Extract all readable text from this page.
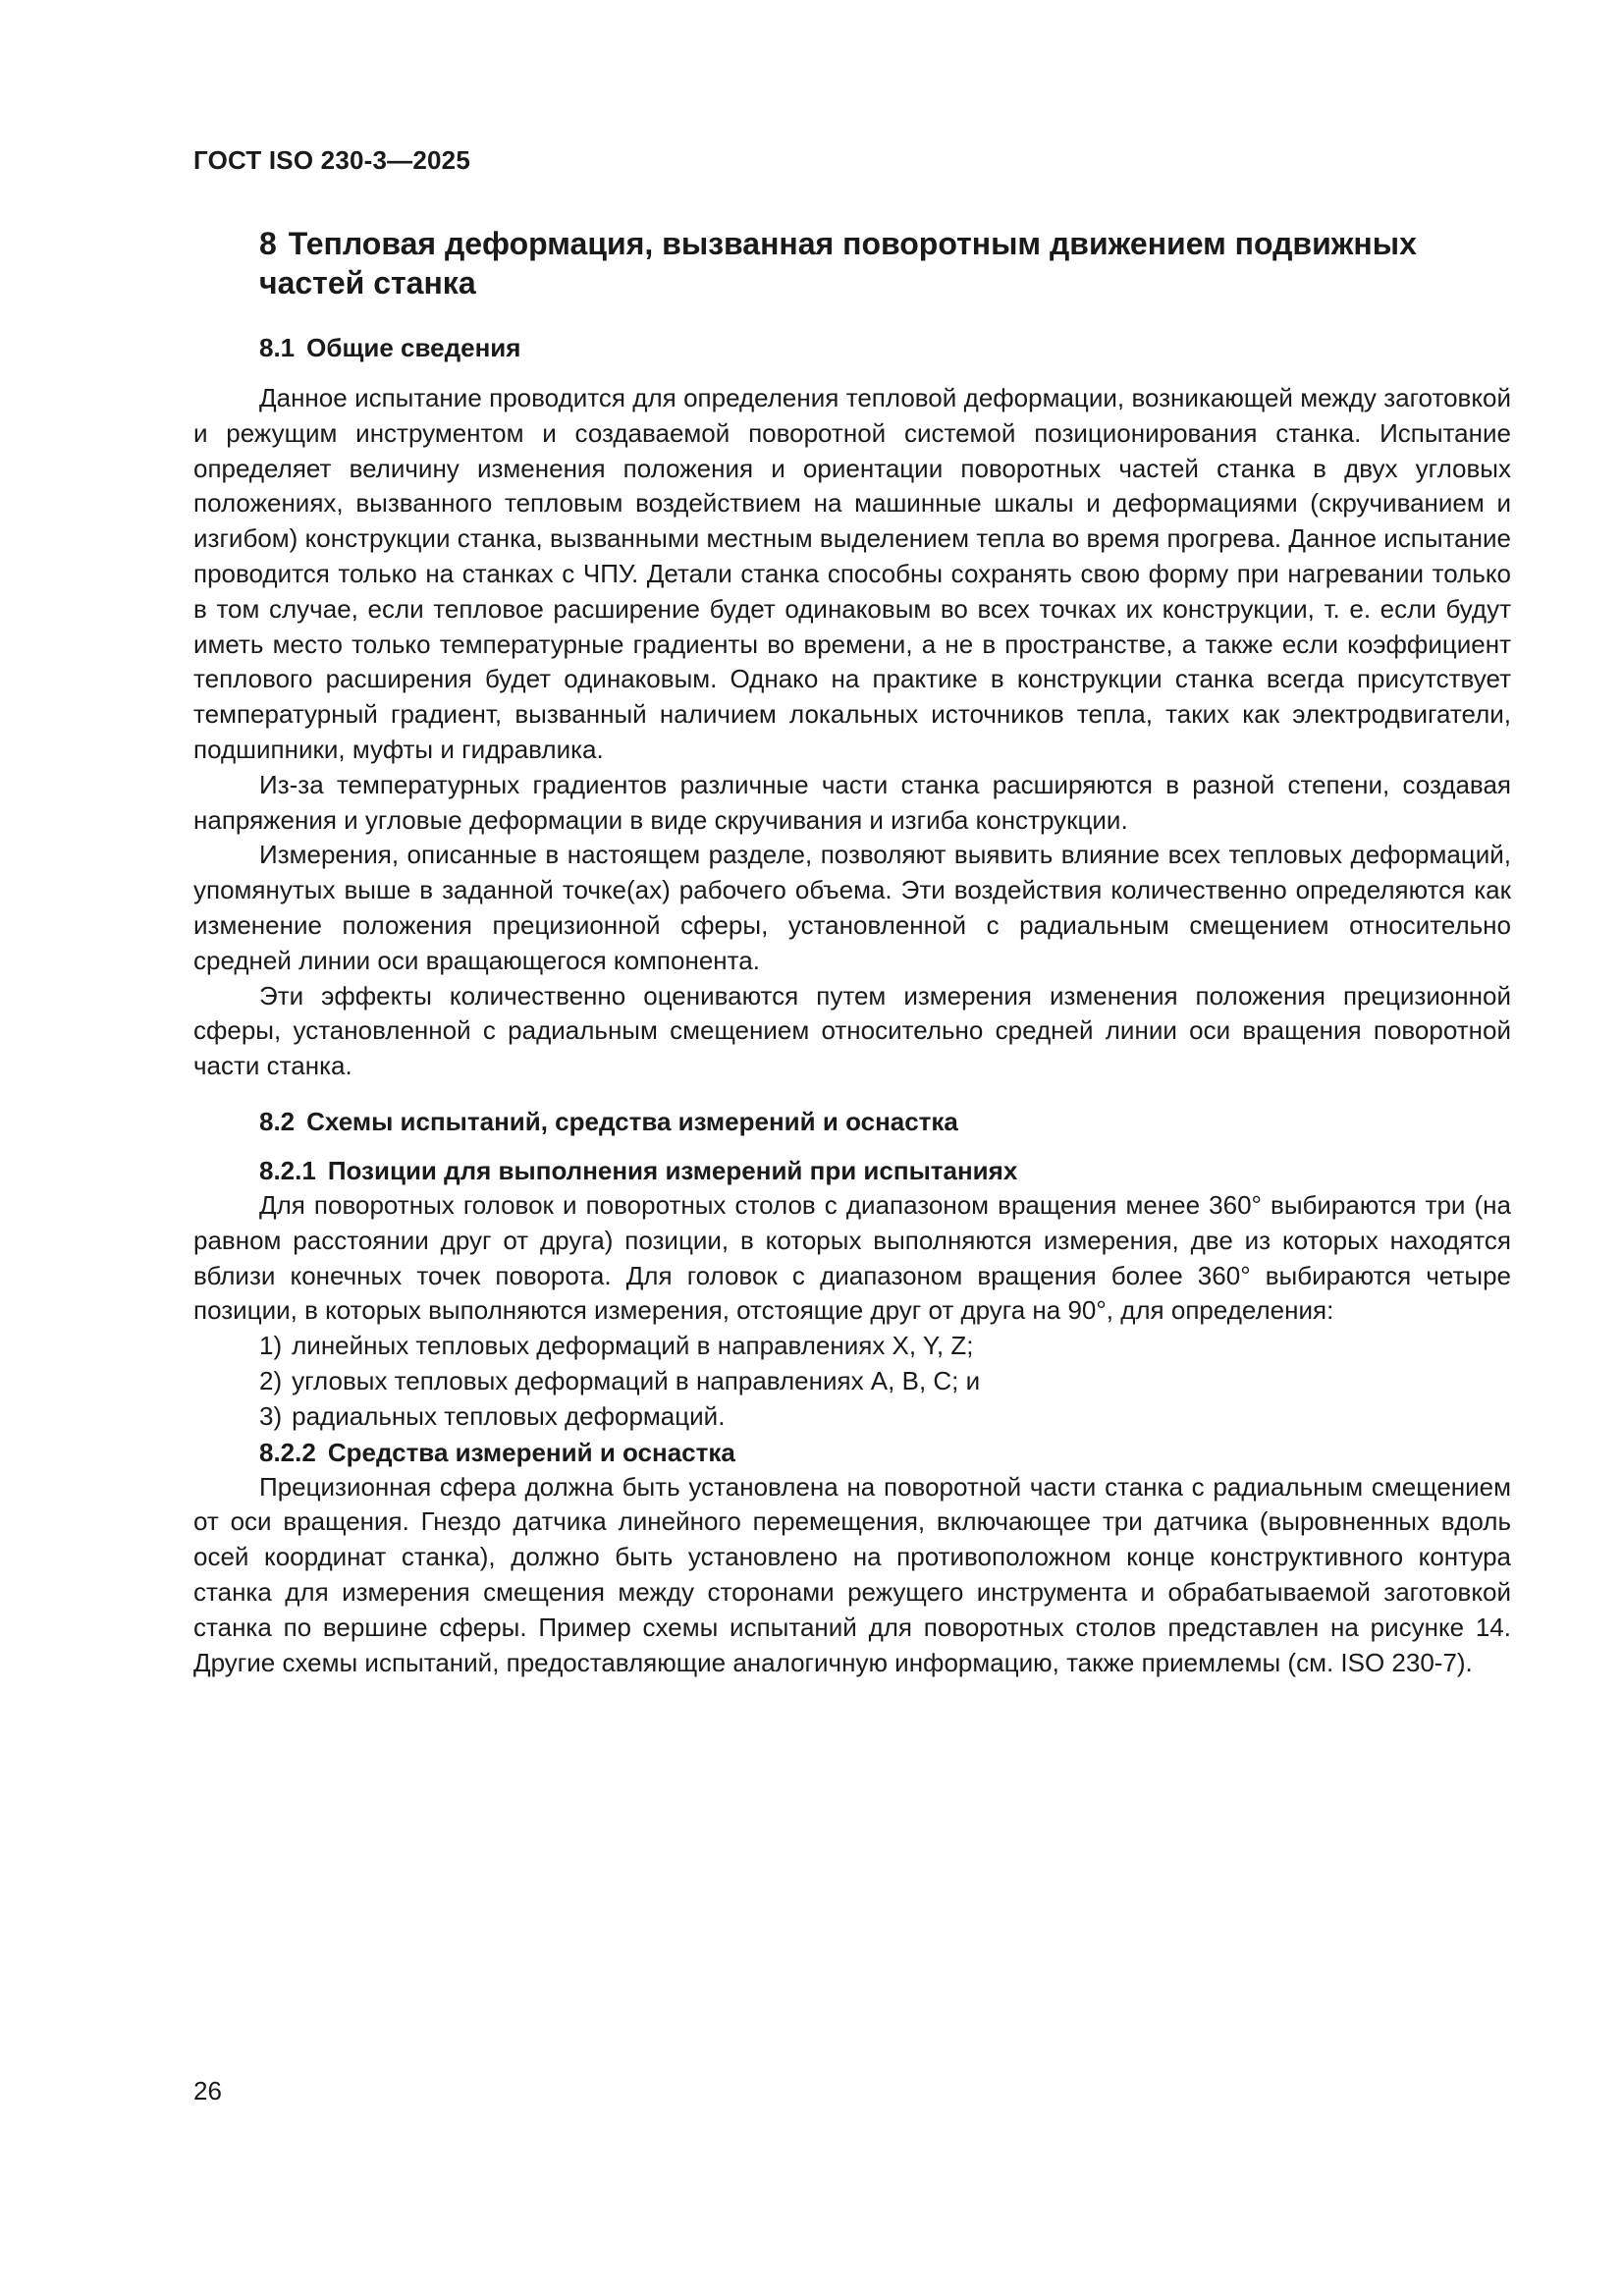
ГОСТ ISO 230-3—2025
8 Тепловая деформация, вызванная поворотным движением подвижных частей станка
8.1 Общие сведения

Данное испытание проводится для определения тепловой деформации, возникающей между заготовкой и режущим инструментом и создаваемой поворотной системой позиционирования станка. Испытание определяет величину изменения положения и ориентации поворотных частей станка в двух угловых положениях, вызванного тепловым воздействием на машинные шкалы и деформациями (скручиванием и изгибом) конструкции станка, вызванными местным выделением тепла во время прогрева. Данное испытание проводится только на станках с ЧПУ. Детали станка способны сохранять свою форму при нагревании только в том случае, если тепловое расширение будет одинаковым во всех точках их конструкции, т. е. если будут иметь место только температурные градиенты во времени, а не в пространстве, а также если коэффициент теплового расширения будет одинаковым. Однако на практике в конструкции станка всегда присутствует температурный градиент, вызванный наличием локальных источников тепла, таких как электродвигатели, подшипники, муфты и гидравлика.

Из-за температурных градиентов различные части станка расширяются в разной степени, создавая напряжения и угловые деформации в виде скручивания и изгиба конструкции.

Измерения, описанные в настоящем разделе, позволяют выявить влияние всех тепловых деформаций, упомянутых выше в заданной точке(ах) рабочего объема. Эти воздействия количественно определяются как изменение положения прецизионной сферы, установленной с радиальным смещением относительно средней линии оси вращающегося компонента.

Эти эффекты количественно оцениваются путем измерения изменения положения прецизионной сферы, установленной с радиальным смещением относительно средней линии оси вращения поворотной части станка.

8.2 Схемы испытаний, средства измерений и оснастка
8.2.1 Позиции для выполнения измерений при испытаниях

Для поворотных головок и поворотных столов с диапазоном вращения менее 360° выбираются три (на равном расстоянии друг от друга) позиции, в которых выполняются измерения, две из которых находятся вблизи конечных точек поворота. Для головок с диапазоном вращения более 360° выбираются четыре позиции, в которых выполняются измерения, отстоящие друг от друга на 90°, для определения:

1) линейных тепловых деформаций в направлениях X, Y, Z;
2) угловых тепловых деформаций в направлениях А, В, С; и
3) радиальных тепловых деформаций.
8.2.2 Средства измерений и оснастка

Прецизионная сфера должна быть установлена на поворотной части станка с радиальным смещением от оси вращения. Гнездо датчика линейного перемещения, включающее три датчика (выровненных вдоль осей координат станка), должно быть установлено на противоположном конце конструктивного контура станка для измерения смещения между сторонами режущего инструмента и обрабатываемой заготовкой станка по вершине сферы. Пример схемы испытаний для поворотных столов представлен на рисунке 14. Другие схемы испытаний, предоставляющие аналогичную информацию, также приемлемы (см. ISO 230-7).

26
